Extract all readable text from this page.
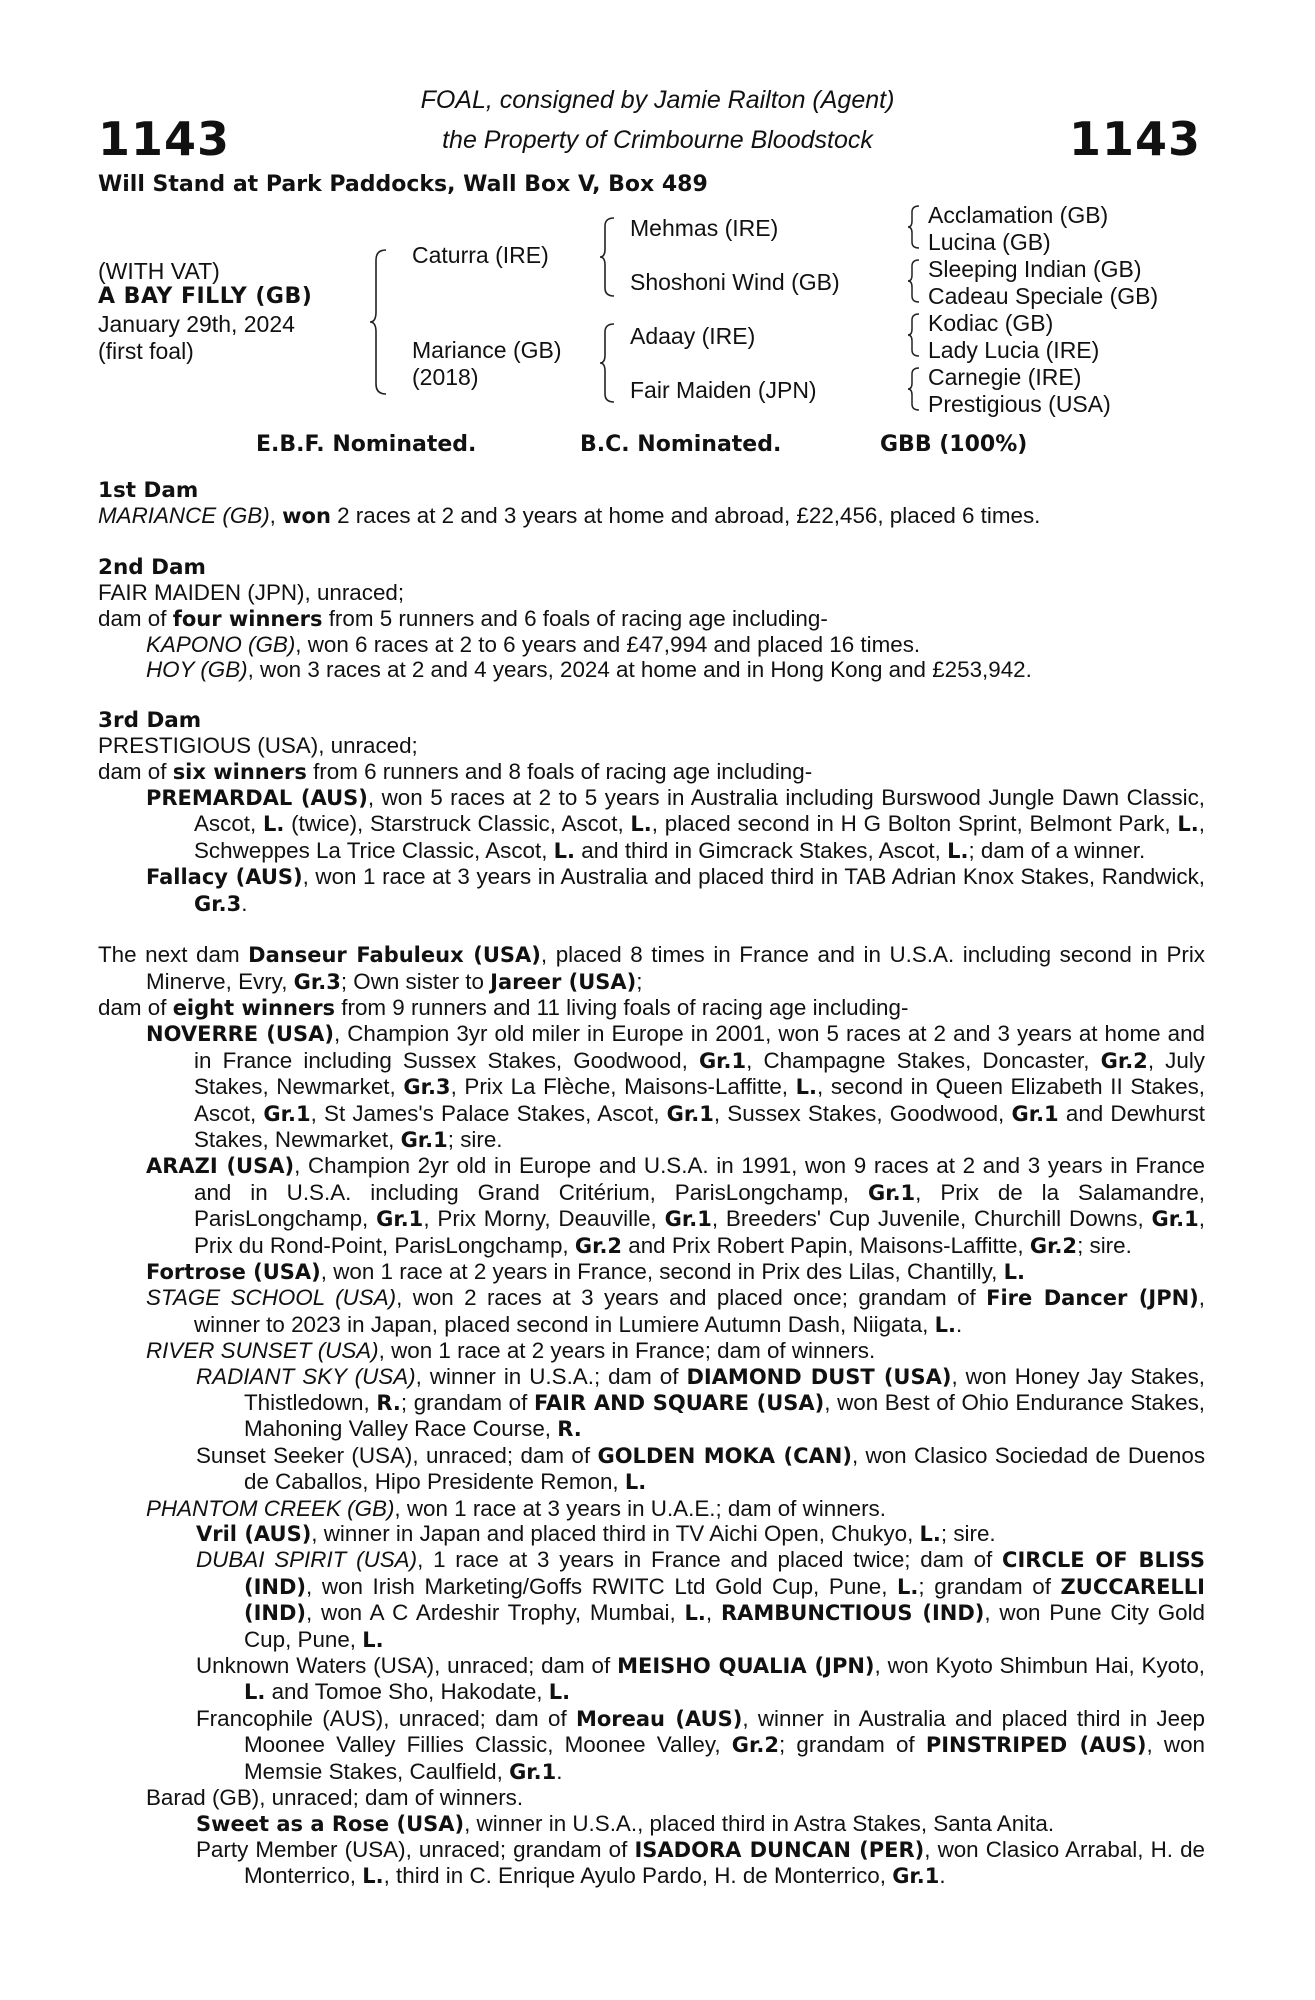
1143	1143
FOAL, consigned by Jamie Railton (Agent)
the Property of Crimbourne Bloodstock
Will Stand at Park Paddocks, Wall Box V, Box 489
(WITH VAT)
A BAY FILLY (GB)
January 29th, 2024
(first foal)
Caturra (IRE)
Mariance (GB)
(2018)
Mehmas (IRE)
Shoshoni Wind (GB)
Adaay (IRE)
Fair Maiden (JPN)
Acclamation (GB)
Lucina (GB)
Sleeping Indian (GB)
Cadeau Speciale (GB)
Kodiac (GB)
Lady Lucia (IRE)
Carnegie (IRE)
Prestigious (USA)
E.B.F. Nominated.	B.C. Nominated.	GBB (100%)

1st Dam

MARIANCE (GB), won 2 races at 2 and 3 years at home and abroad, £22,456, placed 6 times.

2nd Dam

FAIR MAIDEN (JPN), unraced;

dam of four winners from 5 runners and 6 foals of racing age including-

KAPONO (GB), won 6 races at 2 to 6 years and £47,994 and placed 16 times.

HOY (GB), won 3 races at 2 and 4 years, 2024 at home and in Hong Kong and £253,942.

3rd Dam

PRESTIGIOUS (USA), unraced;

dam of six winners from 6 runners and 8 foals of racing age including-

PREMARDAL (AUS), won 5 races at 2 to 5 years in Australia including Burswood Jungle Dawn Classic, Ascot, L. (twice), Starstruck Classic, Ascot, L., placed second in H G Bolton Sprint, Belmont Park, L., Schweppes La Trice Classic, Ascot, L. and third in Gimcrack Stakes, Ascot, L.; dam of a winner.

Fallacy (AUS), won 1 race at 3 years in Australia and placed third in TAB Adrian Knox Stakes, Randwick, Gr.3.

The next dam Danseur Fabuleux (USA), placed 8 times in France and in U.S.A. including second in Prix Minerve, Evry, Gr.3; Own sister to Jareer (USA);

dam of eight winners from 9 runners and 11 living foals of racing age including-

NOVERRE (USA), Champion 3yr old miler in Europe in 2001, won 5 races at 2 and 3 years at home and in France including Sussex Stakes, Goodwood, Gr.1, Champagne Stakes, Doncaster, Gr.2, July Stakes, Newmarket, Gr.3, Prix La Flèche, Maisons-Laffitte, L., second in Queen Elizabeth II Stakes, Ascot, Gr.1, St James's Palace Stakes, Ascot, Gr.1, Sussex Stakes, Goodwood, Gr.1 and Dewhurst Stakes, Newmarket, Gr.1; sire.

ARAZI (USA), Champion 2yr old in Europe and U.S.A. in 1991, won 9 races at 2 and 3 years in France and in U.S.A. including Grand Critérium, ParisLongchamp, Gr.1, Prix de la Salamandre, ParisLongchamp, Gr.1, Prix Morny, Deauville, Gr.1, Breeders' Cup Juvenile, Churchill Downs, Gr.1, Prix du Rond-Point, ParisLongchamp, Gr.2 and Prix Robert Papin, Maisons-Laffitte, Gr.2; sire.

Fortrose (USA), won 1 race at 2 years in France, second in Prix des Lilas, Chantilly, L.

STAGE SCHOOL (USA), won 2 races at 3 years and placed once; grandam of Fire Dancer (JPN), winner to 2023 in Japan, placed second in Lumiere Autumn Dash, Niigata, L..

RIVER SUNSET (USA), won 1 race at 2 years in France; dam of winners.

RADIANT SKY (USA), winner in U.S.A.; dam of DIAMOND DUST (USA), won Honey Jay Stakes, Thistledown, R.; grandam of FAIR AND SQUARE (USA), won Best of Ohio Endurance Stakes, Mahoning Valley Race Course, R.

Sunset Seeker (USA), unraced; dam of GOLDEN MOKA (CAN), won Clasico Sociedad de Duenos de Caballos, Hipo Presidente Remon, L.

PHANTOM CREEK (GB), won 1 race at 3 years in U.A.E.; dam of winners.

Vril (AUS), winner in Japan and placed third in TV Aichi Open, Chukyo, L.; sire.

DUBAI SPIRIT (USA), 1 race at 3 years in France and placed twice; dam of CIRCLE OF BLISS (IND), won Irish Marketing/Goffs RWITC Ltd Gold Cup, Pune, L.; grandam of ZUCCARELLI (IND), won A C Ardeshir Trophy, Mumbai, L., RAMBUNCTIOUS (IND), won Pune City Gold Cup, Pune, L.

Unknown Waters (USA), unraced; dam of MEISHO QUALIA (JPN), won Kyoto Shimbun Hai, Kyoto, L. and Tomoe Sho, Hakodate, L.

Francophile (AUS), unraced; dam of Moreau (AUS), winner in Australia and placed third in Jeep Moonee Valley Fillies Classic, Moonee Valley, Gr.2; grandam of PINSTRIPED (AUS), won Memsie Stakes, Caulfield, Gr.1.

Barad (GB), unraced; dam of winners.

Sweet as a Rose (USA), winner in U.S.A., placed third in Astra Stakes, Santa Anita.

Party Member (USA), unraced; grandam of ISADORA DUNCAN (PER), won Clasico Arrabal, H. de Monterrico, L., third in C. Enrique Ayulo Pardo, H. de Monterrico, Gr.1.
